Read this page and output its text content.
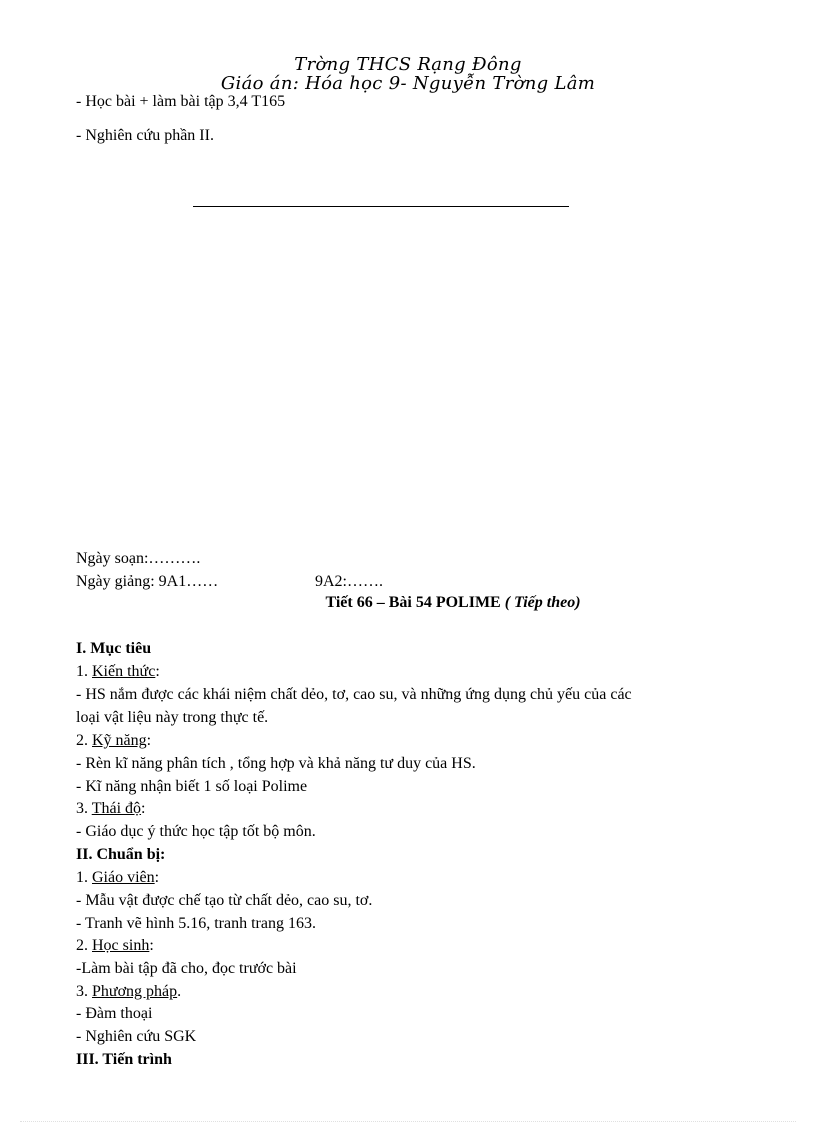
Trờng THCS Rạng Đông
Giáo án: Hóa học 9- Nguyễn Trờng Lâm
- Học bài + làm bài tập 3,4 T165
- Nghiên cứu phần II.
Ngày soạn:……….
Ngày giảng: 9A1……	9A2:…….
Tiết 66 – Bài 54 POLIME ( Tiếp theo)
I. Mục tiêu
1. Kiến thức:
- HS nắm được các khái niệm chất dẻo, tơ, cao su, và những ứng dụng chủ yếu của các
loại vật liệu này trong thực tế.
2. Kỹ năng:
- Rèn kĩ năng phân tích , tổng hợp và khả năng tư duy của HS.
- Kĩ năng nhận biết 1 số loại Polime
3. Thái độ:
- Giáo dục ý thức học tập tốt bộ môn.
II. Chuẩn bị:
1. Giáo viên:
- Mẫu vật được chế tạo từ chất dẻo, cao su, tơ.
- Tranh vẽ hình 5.16, tranh trang 163.
2. Học sinh:
-Làm bài tập đã cho, đọc trước bài
3. Phương pháp.
- Đàm thoại
- Nghiên cứu SGK
III. Tiến trình
